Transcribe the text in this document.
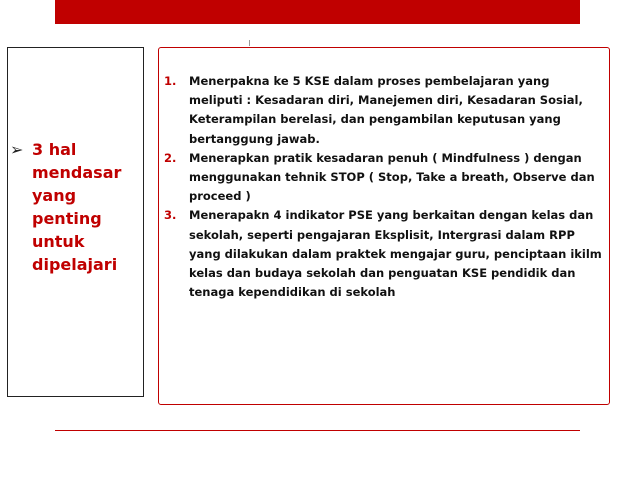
➢ 3 hal
mendasar
yang
penting
untuk
dipelajari
1. Menerpakna ke 5 KSE dalam proses pembelajaran yang meliputi : Kesadaran diri, Manejemen diri, Kesadaran Sosial, Keterampilan berelasi, dan pengambilan keputusan yang bertanggung jawab.
2. Menerapkan pratik kesadaran penuh ( Mindfulness ) dengan menggunakan tehnik STOP ( Stop, Take a breath, Observe dan proceed )
3. Menerapakn 4 indikator PSE yang berkaitan dengan kelas dan sekolah, seperti pengajaran Eksplisit, Intergrasi dalam RPP yang dilakukan dalam praktek mengajar guru, penciptaan ikilm kelas dan budaya sekolah dan penguatan KSE pendidik dan tenaga kependidikan di sekolah
